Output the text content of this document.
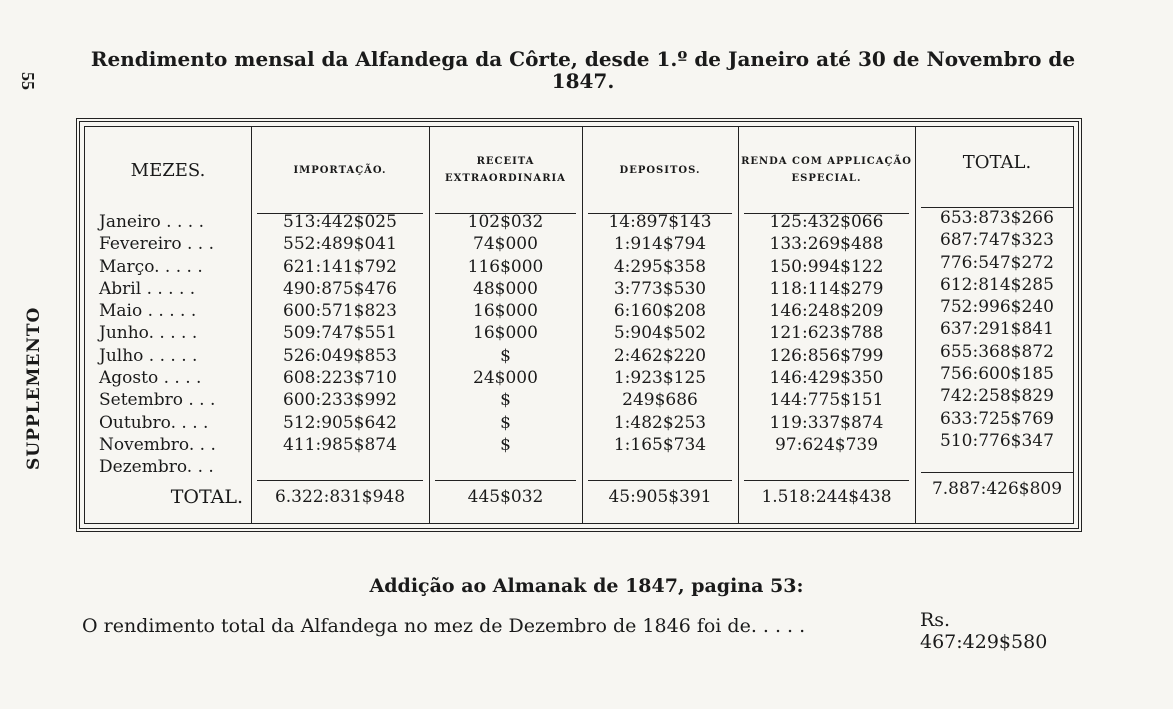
55
SUPPLEMENTO
Rendimento mensal da Alfandega da Côrte, desde 1.º de Janeiro até 30 de Novembro de 1847.
MEZES.
Janeiro . . . .
Fevereiro . . .
Março. . . . .
Abril . . . . .
Maio . . . . .
Junho. . . . .
Julho . . . . .
Agosto . . . .
Setembro . . .
Outubro. . . .
Novembro. . .
Dezembro. . .
TOTAL.
IMPORTAÇÃO.
513:442$025
552:489$041
621:141$792
490:875$476
600:571$823
509:747$551
526:049$853
608:223$710
600:233$992
512:905$642
411:985$874
6.322:831$948
RECEITA EXTRAORDINARIA
102$032
74$000
116$000
48$000
16$000
16$000
$
24$000
$
$
$
445$032
DEPOSITOS.
14:897$143
1:914$794
4:295$358
3:773$530
6:160$208
5:904$502
2:462$220
1:923$125
249$686
1:482$253
1:165$734
45:905$391
RENDA COM APPLICAÇÃO ESPECIAL.
125:432$066
133:269$488
150:994$122
118:114$279
146:248$209
121:623$788
126:856$799
146:429$350
144:775$151
119:337$874
97:624$739
1.518:244$438
TOTAL.
653:873$266
687:747$323
776:547$272
612:814$285
752:996$240
637:291$841
655:368$872
756:600$185
742:258$829
633:725$769
510:776$347
7.887:426$809
Addição ao Almanak de 1847, pagina 53:
O rendimento total da Alfandega no mez de Dezembro de 1846 foi de. . . . .	Rs. 467:429$580
